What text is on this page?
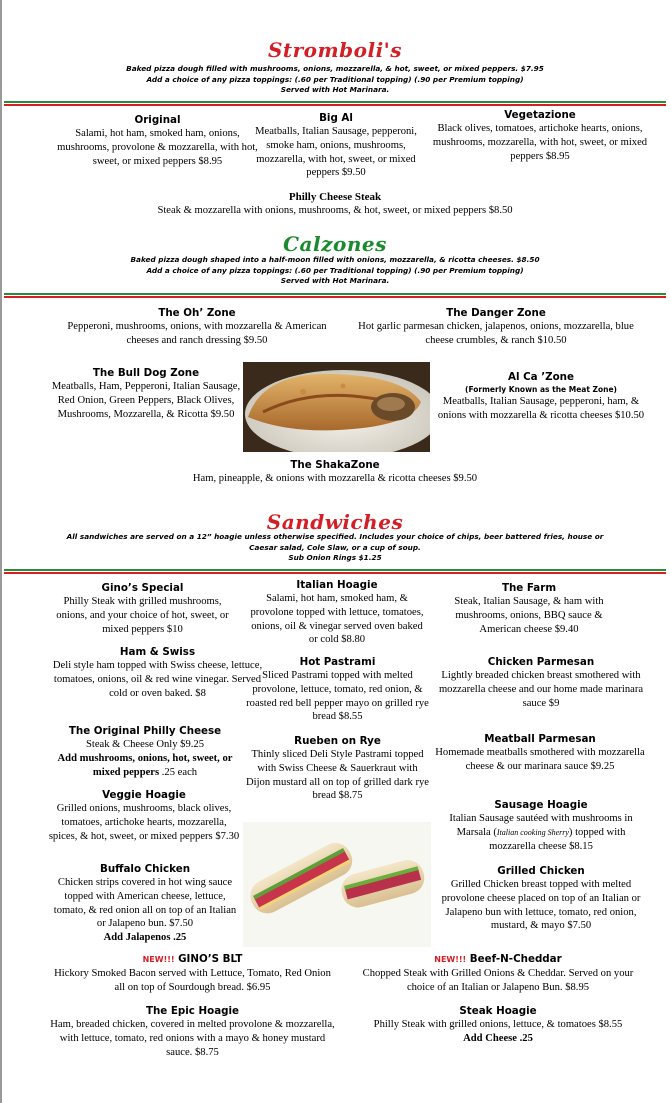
Stromboli's
Baked pizza dough filled with mushrooms, onions, mozzarella, & hot, sweet, or mixed peppers. $7.95
Add a choice of any pizza toppings: (.60 per Traditional topping) (.90 per Premium topping)
Served with Hot Marinara.
Original
Salami, hot ham, smoked ham, onions, mushrooms, provolone & mozzarella, with hot, sweet, or mixed peppers $8.95
Big Al
Meatballs, Italian Sausage, pepperoni, smoke ham, onions, mushrooms, mozzarella, with hot, sweet, or mixed peppers $9.50
Vegetazione
Black olives, tomatoes, artichoke hearts, onions, mushrooms, mozzarella, with hot, sweet, or mixed peppers $8.95
Philly Cheese Steak
Steak & mozzarella with onions, mushrooms, & hot, sweet, or mixed peppers $8.50
Calzones
Baked pizza dough shaped into a half-moon filled with onions, mozzarella, & ricotta cheeses. $8.50
Add a choice of any pizza toppings: (.60 per Traditional topping) (.90 per Premium topping)
Served with Hot Marinara.
The Oh’ Zone
Pepperoni, mushrooms, onions, with mozzarella & American cheeses and ranch dressing $9.50
The Danger Zone
Hot garlic parmesan chicken, jalapenos, onions, mozzarella, blue cheese crumbles, & ranch $10.50
The Bull Dog Zone
Meatballs, Ham, Pepperoni, Italian Sausage, Red Onion, Green Peppers, Black Olives, Mushrooms, Mozzarella, & Ricotta $9.50
Al Ca ’Zone
(Formerly Known as the Meat Zone)
Meatballs, Italian Sausage, pepperoni, ham, & onions with mozzarella & ricotta cheeses $10.50
The ShakaZone
Ham, pineapple, & onions with mozzarella & ricotta cheeses $9.50
Sandwiches
All sandwiches are served on a 12” hoagie unless otherwise specified. Includes your choice of chips, beer battered fries, house or
Caesar salad, Cole Slaw, or a cup of soup.
Sub Onion Rings $1.25
Gino’s Special
Philly Steak with grilled mushrooms, onions, and your choice of hot, sweet, or mixed peppers $10
Ham & Swiss
Deli style ham topped with Swiss cheese, lettuce, tomatoes, onions, oil & red wine vinegar. Served cold or oven baked. $8
The Original Philly Cheese
Steak & Cheese Only $9.25
Add mushrooms, onions, hot, sweet, or mixed peppers .25 each
Veggie Hoagie
Grilled onions, mushrooms, black olives, tomatoes, artichoke hearts, mozzarella, spices, & hot, sweet, or mixed peppers $7.30
Buffalo Chicken
Chicken strips covered in hot wing sauce topped with American cheese, lettuce, tomato, & red onion all on top of an Italian or Jalapeno bun. $7.50
Add Jalapenos .25
Italian Hoagie
Salami, hot ham, smoked ham, & provolone topped with lettuce, tomatoes, onions, oil & vinegar served oven baked or cold $8.80
Hot Pastrami
Sliced Pastrami topped with melted provolone, lettuce, tomato, red onion, & roasted red bell pepper mayo on grilled rye bread $8.55
Rueben on Rye
Thinly sliced Deli Style Pastrami topped with Swiss Cheese & Sauerkraut with Dijon mustard all on top of grilled dark rye bread $8.75
The Farm
Steak, Italian Sausage, & ham with mushrooms, onions, BBQ sauce & American cheese $9.40
Chicken Parmesan
Lightly breaded chicken breast smothered with mozzarella cheese and our home made marinara sauce $9
Meatball Parmesan
Homemade meatballs smothered with mozzarella cheese & our marinara sauce $9.25
Sausage Hoagie
Italian Sausage sautéed with mushrooms in Marsala (Italian cooking Sherry) topped with mozzarella cheese $8.15
Grilled Chicken
Grilled Chicken breast topped with melted provolone cheese placed on top of an Italian or Jalapeno bun with lettuce, tomato, red onion, mustard, & mayo $7.50
NEW!!! GINO’S BLT
Hickory Smoked Bacon served with Lettuce, Tomato, Red Onion all on top of Sourdough bread. $6.95
NEW!!! Beef-N-Cheddar
Chopped Steak with Grilled Onions & Cheddar. Served on your choice of an Italian or Jalapeno Bun. $8.95
The Epic Hoagie
Ham, breaded chicken, covered in melted provolone & mozzarella, with lettuce, tomato, red onions with a mayo & honey mustard sauce. $8.75
Steak Hoagie
Philly Steak with grilled onions, lettuce, & tomatoes $8.55
Add Cheese .25
